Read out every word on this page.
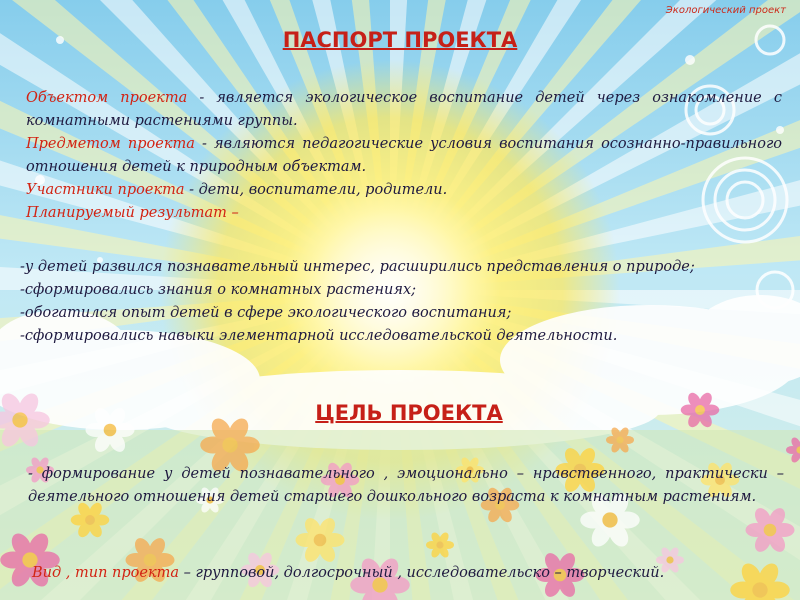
Экологический проект
ПАСПОРТ ПРОЕКТА

Объектом проекта - является экологическое воспитание детей через ознакомление с комнатными растениями группы.

Предметом проекта - являются педагогические условия воспитания осознанно-правильного отношения детей к природным объектам.

Участники проекта - дети, воспитатели, родители.

Планируемый результат –

-у детей развился познавательный интерес, расширились представления о природе;

-сформировались знания о комнатных растениях;

-обогатился опыт детей в сфере экологического воспитания;

-сформировались навыки элементарной исследовательской деятельности.

ЦЕЛЬ ПРОЕКТА
- формирование у детей познавательного , эмоционально – нравственного, практически – деятельного отношения детей старшего дошкольного возраста к комнатным растениям.
Вид , тип проекта – групповой, долгосрочный , исследовательско – творческий.
